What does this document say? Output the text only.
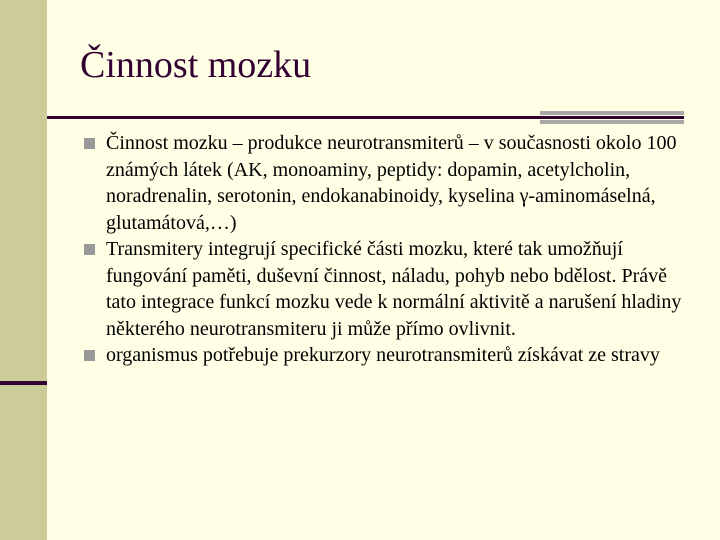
Činnost mozku
Činnost mozku – produkce neurotransmiterů – v současnosti okolo 100 známých látek (AK, monoaminy, peptidy: dopamin, acetylcholin, noradrenalin, serotonin, endokanabinoidy, kyselina γ-aminomáselná, glutamátová,…)
Transmitery integrují specifické části mozku, které tak umožňují fungování paměti, duševní činnost, náladu, pohyb nebo bdělost. Právě tato integrace funkcí mozku vede k normální aktivitě a narušení hladiny některého neurotransmiteru ji může přímo ovlivnit.
organismus potřebuje prekurzory neurotransmiterů získávat ze stravy
